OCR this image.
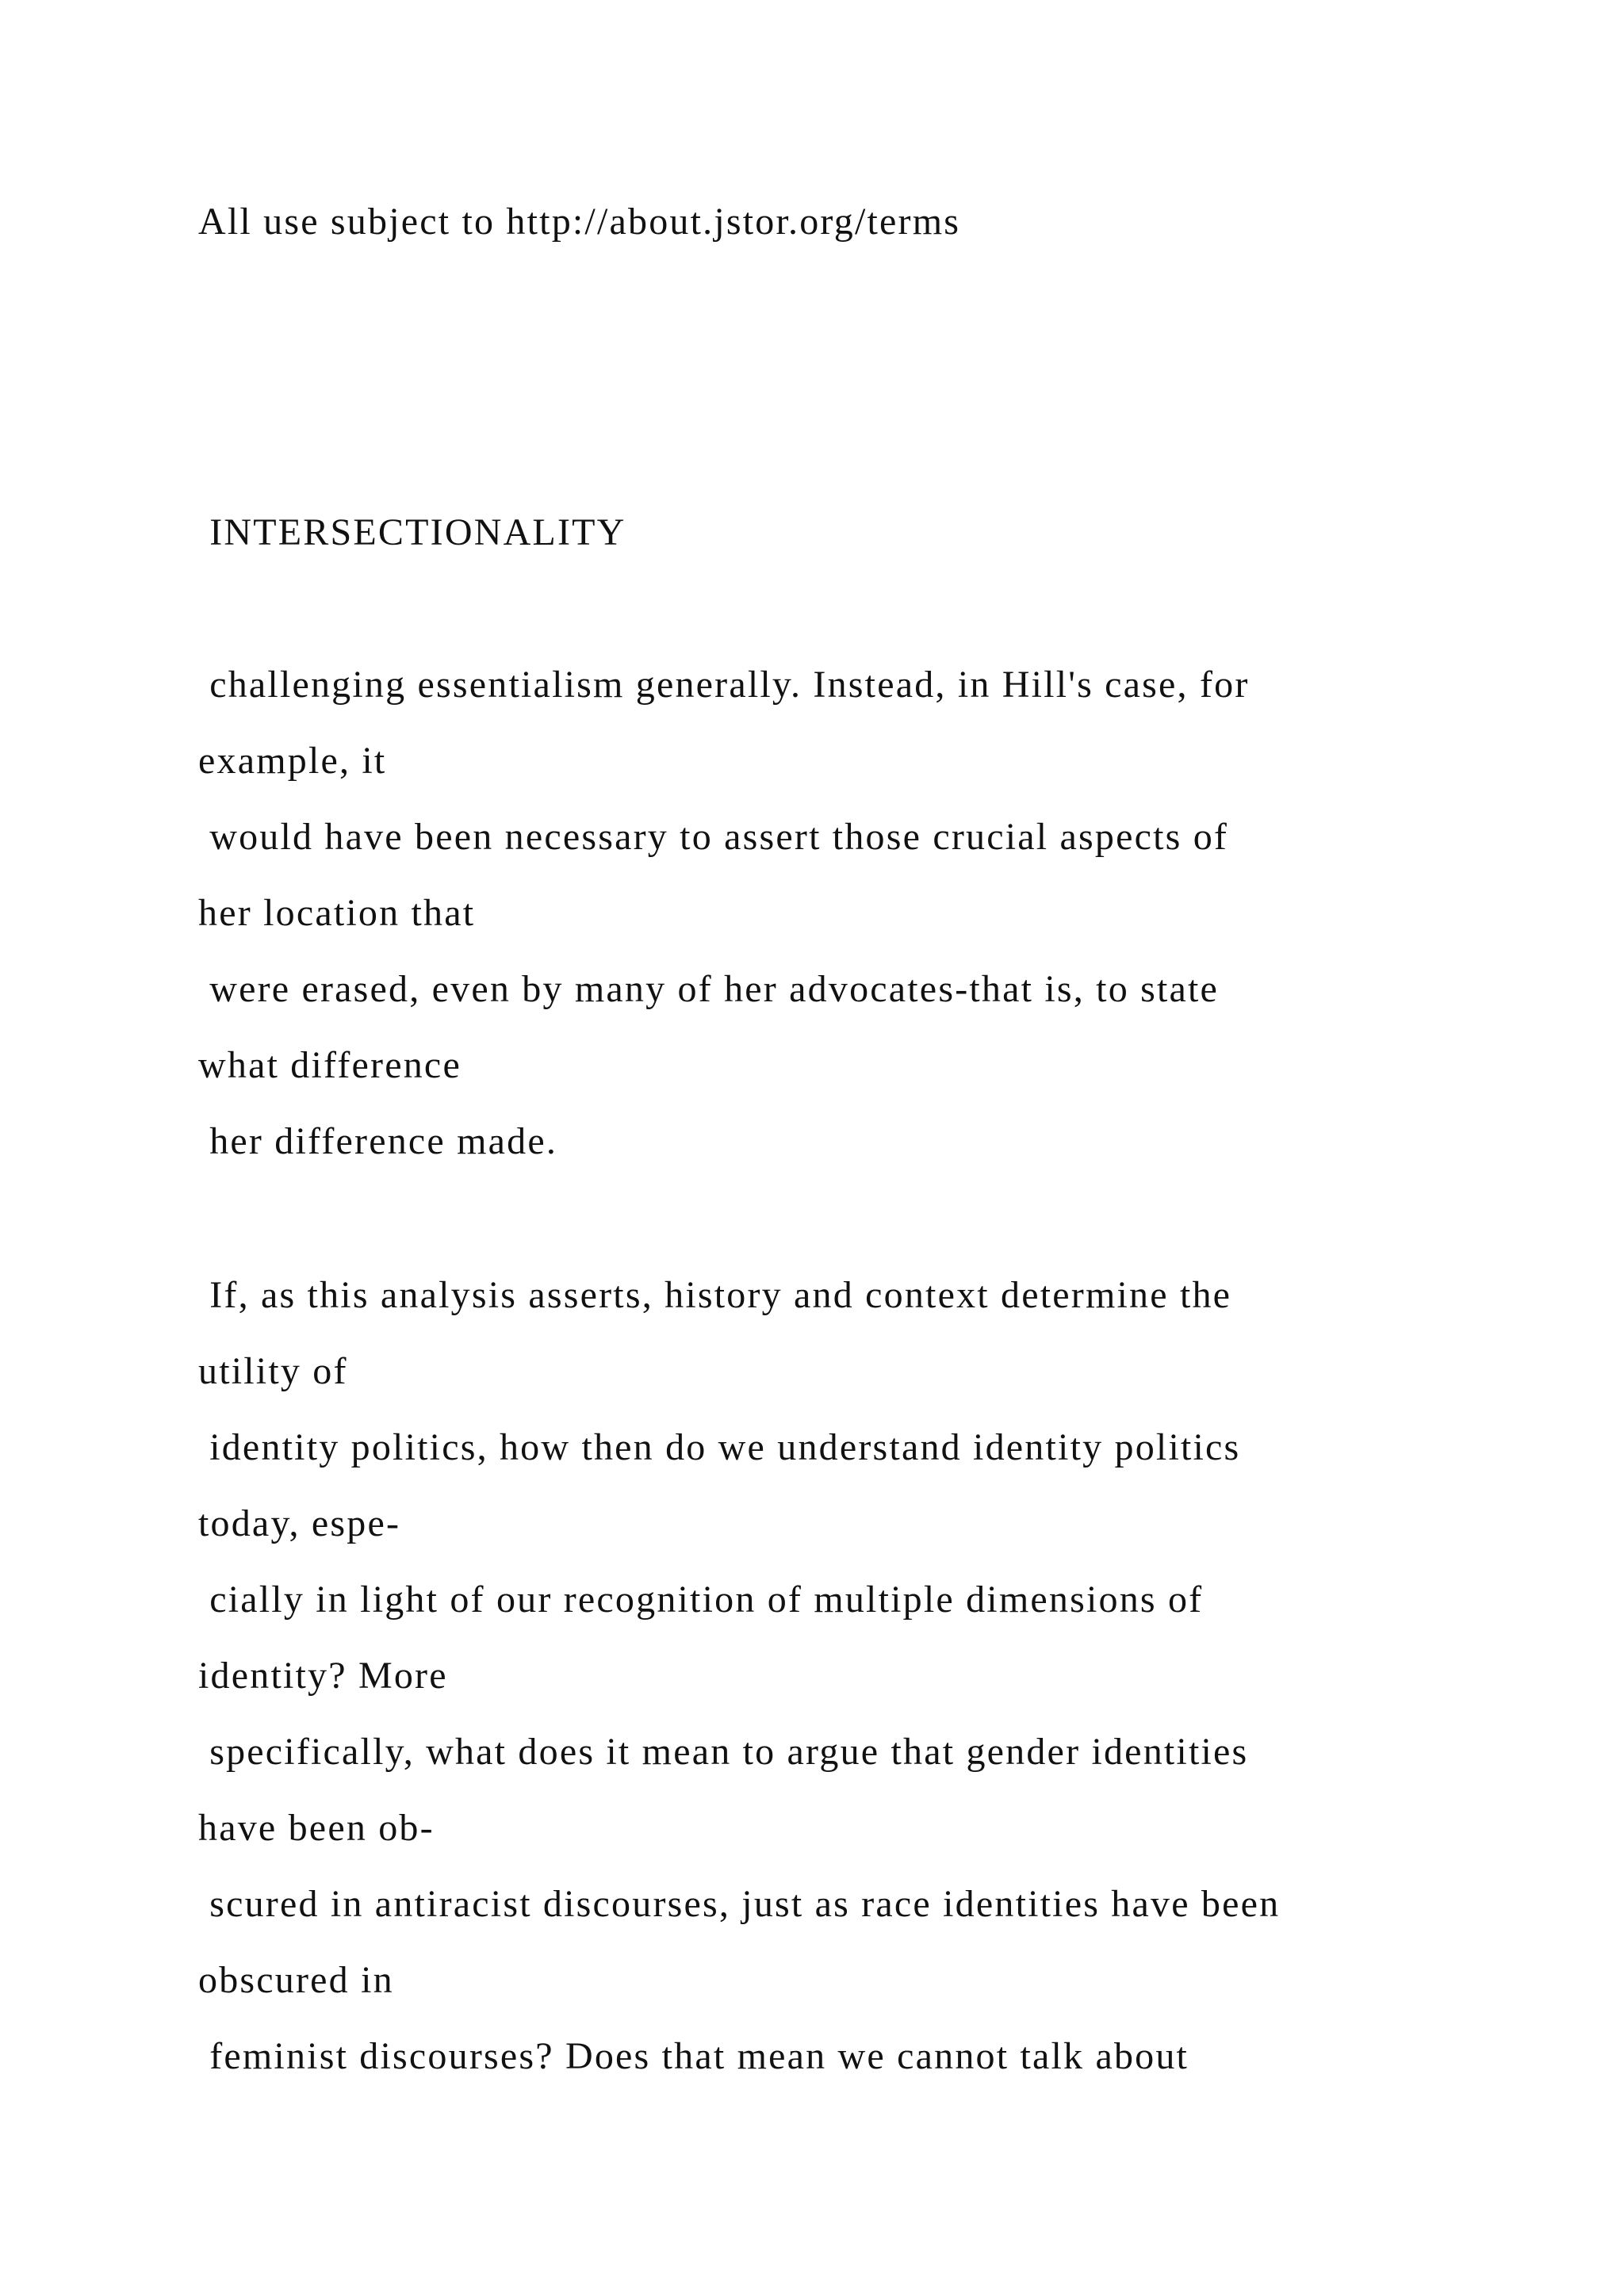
All use subject to http://about.jstor.org/terms

INTERSECTIONALITY

challenging essentialism generally. Instead, in Hill's case, for

example, it

would have been necessary to assert those crucial aspects of

her location that

were erased, even by many of her advocates-that is, to state

what difference

her difference made.

If, as this analysis asserts, history and context determine the

utility of

identity politics, how then do we understand identity politics

today, espe-

cially in light of our recognition of multiple dimensions of

identity? More

specifically, what does it mean to argue that gender identities

have been ob-

scured in antiracist discourses, just as race identities have been

obscured in

feminist discourses? Does that mean we cannot talk about
